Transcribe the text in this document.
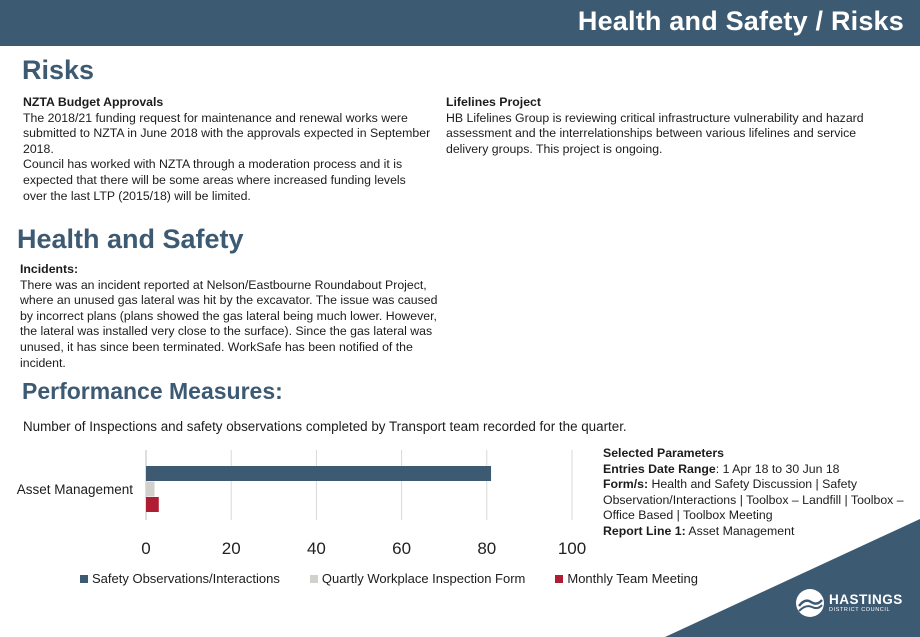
Health and Safety / Risks
Risks
NZTA Budget Approvals
The 2018/21 funding request for maintenance and renewal works were submitted to NZTA in June 2018 with the approvals expected in September 2018.
Council has worked with NZTA through a moderation process and it is expected that there will be some areas where increased funding levels over the last LTP (2015/18) will be limited.
Lifelines Project
HB Lifelines Group is reviewing critical infrastructure vulnerability and hazard assessment and the interrelationships between various lifelines and service delivery groups. This project is ongoing.
Health and Safety
Incidents:
There was an incident reported at Nelson/Eastbourne Roundabout Project, where an unused gas lateral was hit by the excavator. The issue was caused by incorrect plans (plans showed the gas lateral being much lower. However, the lateral was installed very close to the surface). Since the gas lateral was unused, it has since been terminated. WorkSafe has been notified of the incident.
Performance Measures:
Number of Inspections and safety observations completed by Transport team recorded for the quarter.
0	20	40	60	80	100
Asset Management
Safety Observations/Interactions	Quartly Workplace Inspection Form	Monthly Team Meeting
Selected Parameters
Entries Date Range: 1 Apr 18 to 30 Jun 18
Form/s: Health and Safety Discussion | Safety Observation/Interactions | Toolbox – Landfill | Toolbox – Office Based | Toolbox Meeting
Report Line 1: Asset Management
HASTINGS
DISTRICT COUNCIL
